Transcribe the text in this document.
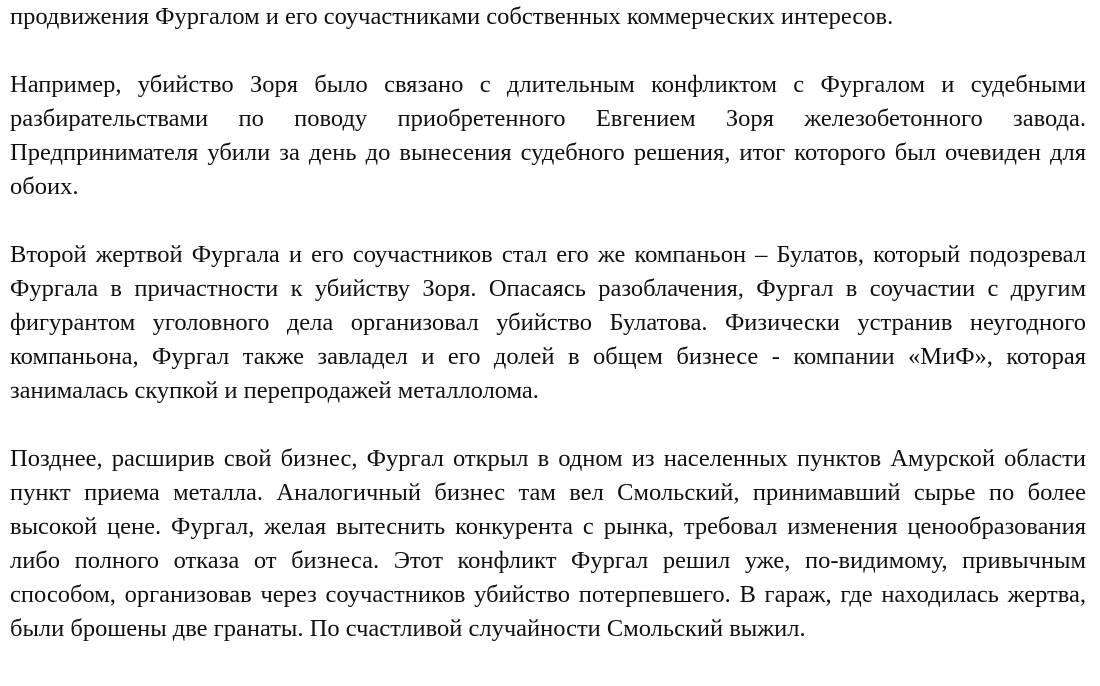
продвижения Фургалом и его соучастниками собственных коммерческих интересов.

Например, убийство Зоря было связано с длительным конфликтом с Фургалом и судебными разбирательствами по поводу приобретенного Евгением Зоря железобетонного завода. Предпринимателя убили за день до вынесения судебного решения, итог которого был очевиден для обоих.

Второй жертвой Фургала и его соучастников стал его же компаньон – Булатов, который подозревал Фургала в причастности к убийству Зоря. Опасаясь разоблачения, Фургал в соучастии с другим фигурантом уголовного дела организовал убийство Булатова. Физически устранив неугодного компаньона, Фургал также завладел и его долей в общем бизнесе - компании «МиФ», которая занималась скупкой и перепродажей металлолома.

Позднее, расширив свой бизнес, Фургал открыл в одном из населенных пунктов Амурской области пункт приема металла. Аналогичный бизнес там вел Смольский, принимавший сырье по более высокой цене. Фургал, желая вытеснить конкурента с рынка, требовал изменения ценообразования либо полного отказа от бизнеса. Этот конфликт Фургал решил уже, по-видимому, привычным способом, организовав через соучастников убийство потерпевшего. В гараж, где находилась жертва, были брошены две гранаты. По счастливой случайности Смольский выжил.
